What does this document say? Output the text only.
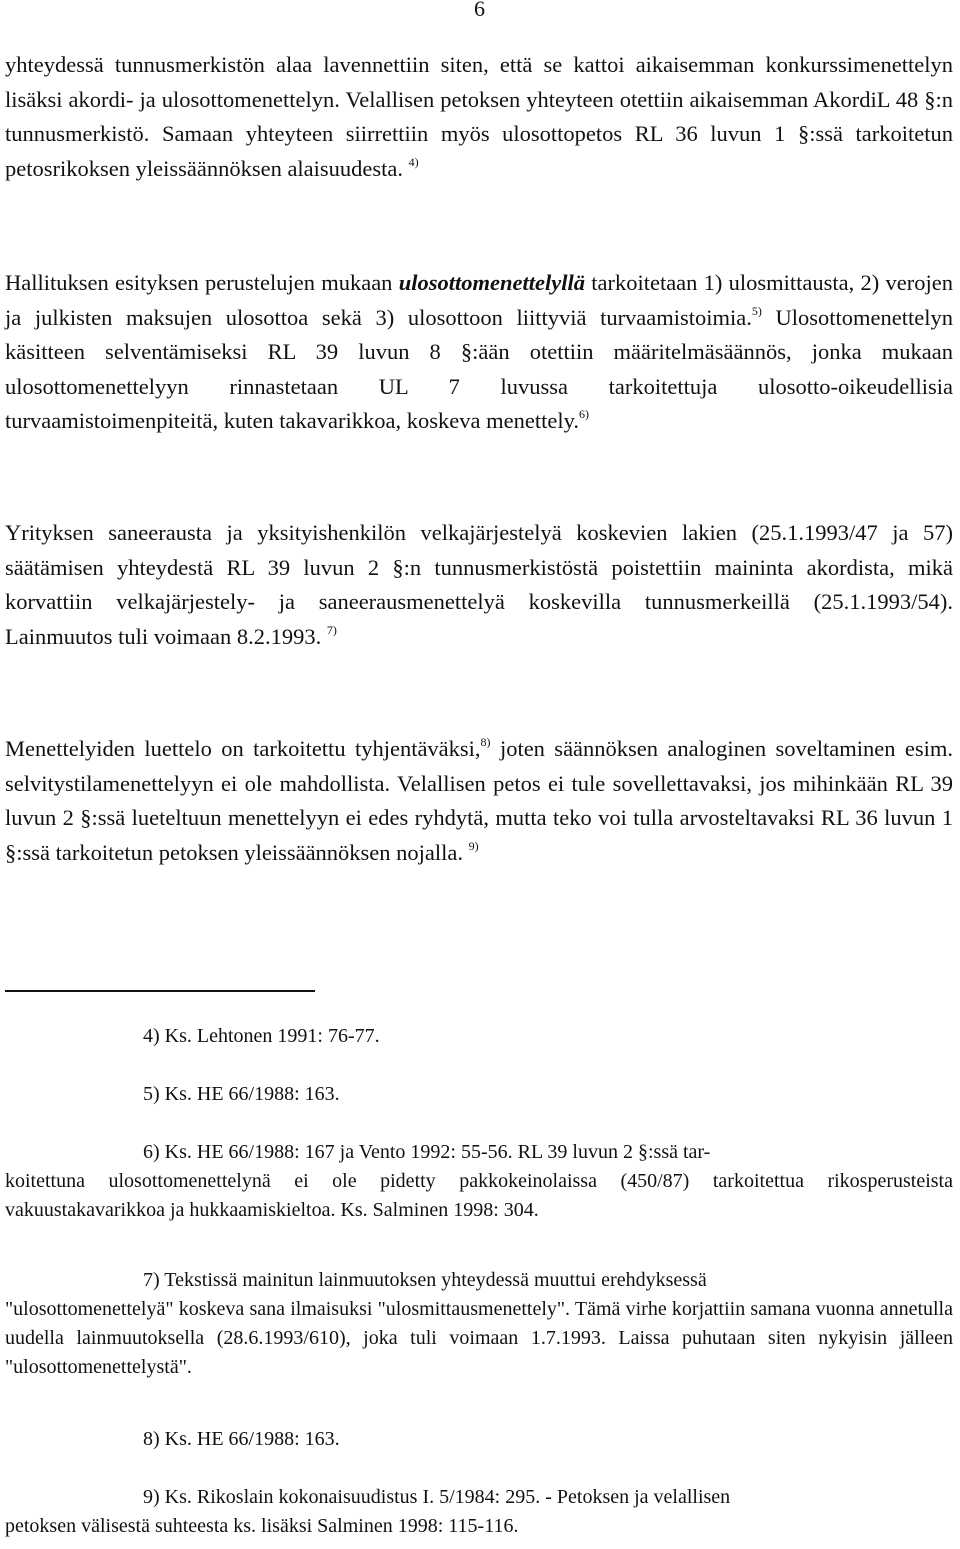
6
yhteydessä tunnusmerkistön alaa lavennettiin siten, että se kattoi aikaisemman konkurssimenettelyn lisäksi akordi- ja ulosottomenettelyn. Velallisen petoksen yhteyteen otettiin aikaisemman AkordiL 48 §:n tunnusmerkistö. Samaan yhteyteen siirrettiin myös ulosottopetos RL 36 luvun 1 §:ssä tarkoitetun petosrikoksen yleissäännöksen alaisuudesta. $^{4)}$
Hallituksen esityksen perustelujen mukaan ulosottomenettelyllä tarkoitetaan 1) ulosmittausta, 2) verojen ja julkisten maksujen ulosottoa sekä 3) ulosottoon liittyviä turvaamistoimia.$^{5)}$ Ulosottomenettelyn käsitteen selventämiseksi RL 39 luvun 8 §:ään otettiin määritelmäsäännös, jonka mukaan ulosottomenettelyyn rinnastetaan UL 7 luvussa tarkoitettuja ulosotto-oikeudellisia turvaamistoimenpiteitä, kuten takavarikkoa, koskeva menettely.$^{6)}$
Yrityksen saneerausta ja yksityishenkilön velkajärjestelyä koskevien lakien (25.1.1993/47 ja 57) säätämisen yhteydestä RL 39 luvun 2 §:n tunnusmerkistöstä poistettiin maininta akordista, mikä korvattiin velkajärjestely- ja saneerausmenettelyä koskevilla tunnusmerkeillä (25.1.1993/54). Lainmuutos tuli voimaan 8.2.1993. $^{7)}$
Menettelyiden luettelo on tarkoitettu tyhjentäväksi,$^{8)}$ joten säännöksen analoginen soveltaminen esim. selvitystilamenettelyyn ei ole mahdollista. Velallisen petos ei tule sovellettavaksi, jos mihinkään RL 39 luvun 2 §:ssä lueteltuun menettelyyn ei edes ryhdytä, mutta teko voi tulla arvosteltavaksi RL 36 luvun 1 §:ssä tarkoitetun petoksen yleissäännöksen nojalla. $^{9)}$
4) Ks. Lehtonen 1991: 76-77.
5) Ks. HE 66/1988: 163.
6) Ks. HE 66/1988: 167 ja Vento 1992: 55-56. RL 39 luvun 2 §:ssä tar-
koitettuna ulosottomenettelynä ei ole pidetty pakkokeinolaissa (450/87) tarkoitettua rikosperusteista vakuustakavarikkoa ja hukkaamiskieltoa. Ks. Salminen 1998: 304.
7) Tekstissä mainitun lainmuutoksen yhteydessä muuttui erehdyksessä
"ulosottomenettelyä" koskeva sana ilmaisuksi "ulosmittausmenettely". Tämä virhe korjattiin samana vuonna annetulla uudella lainmuutoksella (28.6.1993/610), joka tuli voimaan 1.7.1993. Laissa puhutaan siten nykyisin jälleen "ulosottomenettelystä".
8) Ks. HE 66/1988: 163.
9) Ks. Rikoslain kokonaisuudistus I. 5/1984: 295. - Petoksen ja velallisen
petoksen välisestä suhteesta ks. lisäksi Salminen 1998: 115-116.
